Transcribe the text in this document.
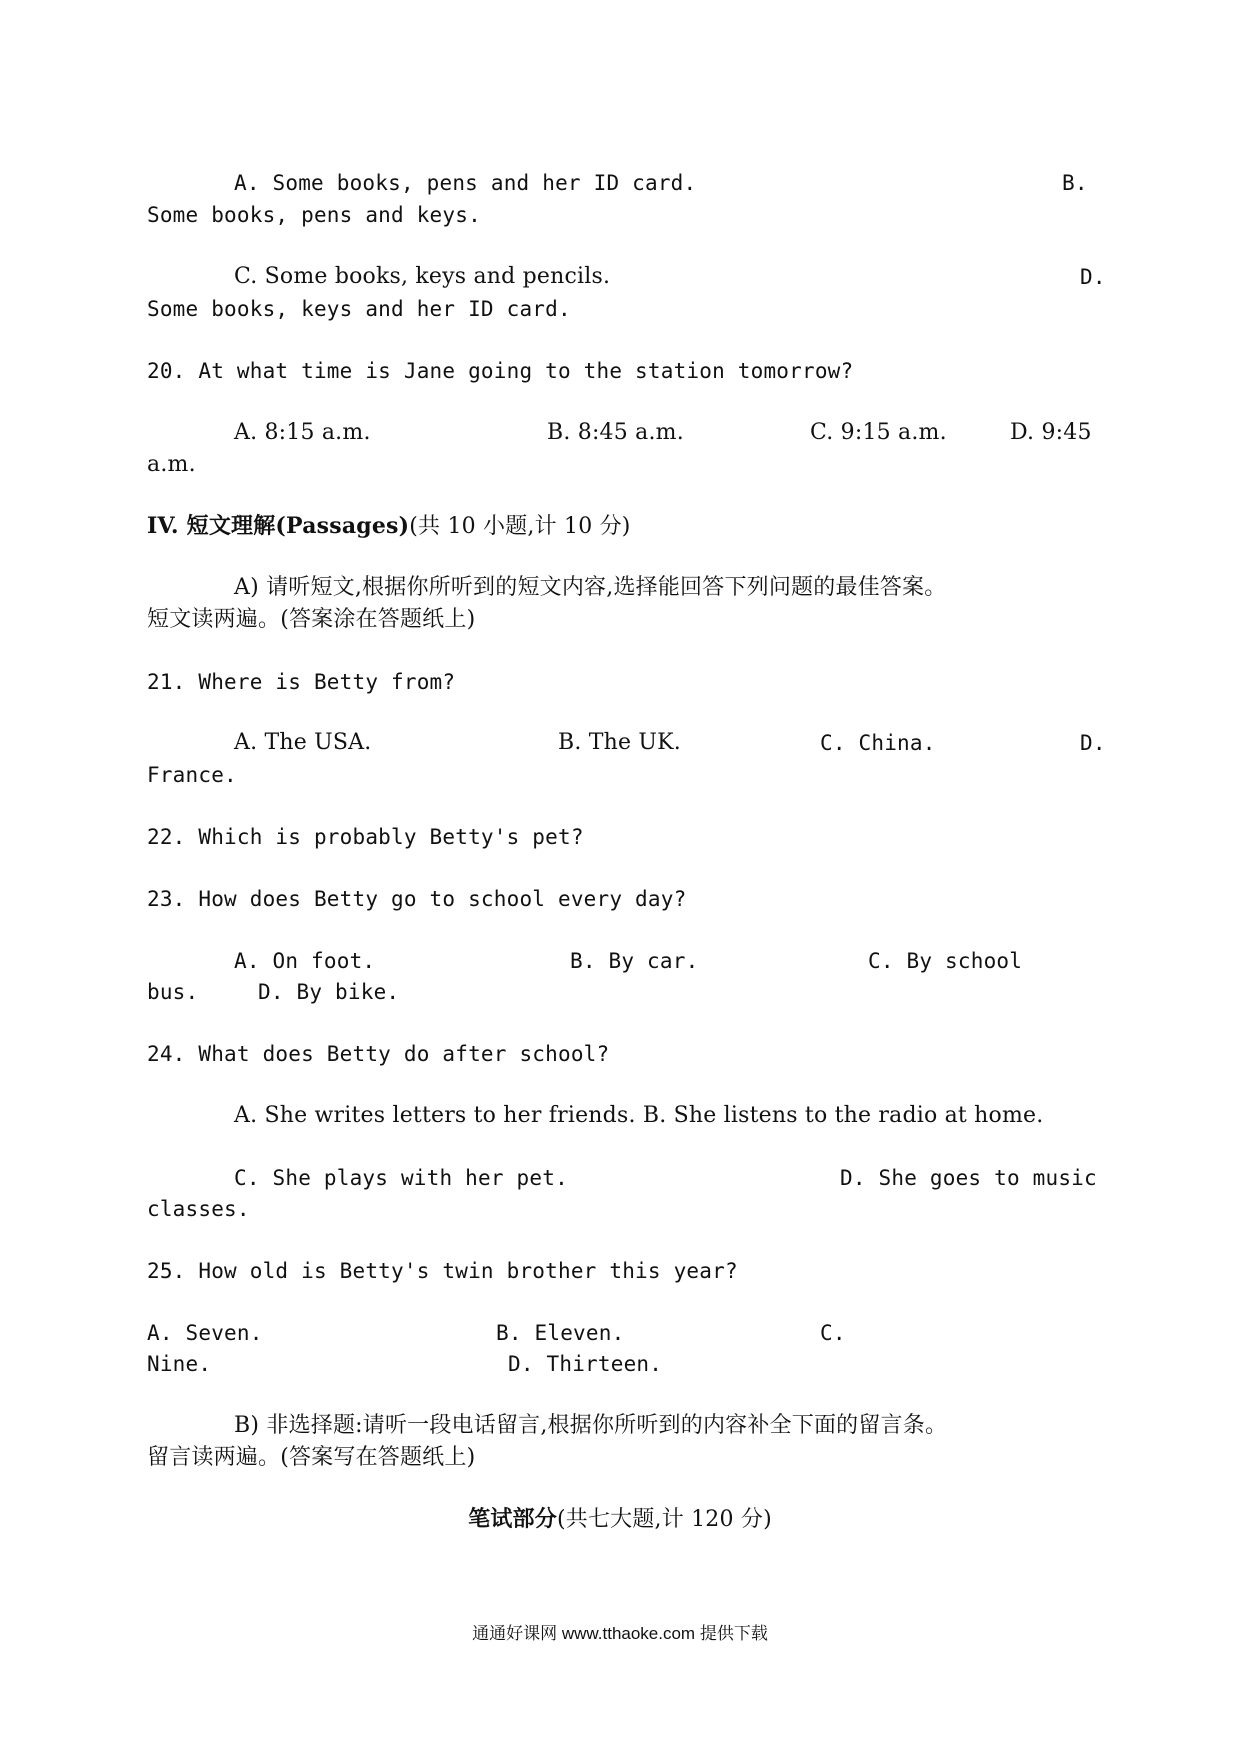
A. Some books, pens and her ID card.	B.
Some books, pens and keys.
C. Some books, keys and pencils.	D.
Some books, keys and her ID card.
20. At what time is Jane going to the station tomorrow?
A. 8:15 a.m.	B. 8:45 a.m.	C. 9:15 a.m.	D. 9:45
a.m.
IV. 短文理解(Passages)(共 10 小题,计 10 分)
A) 请听短文,根据你所听到的短文内容,选择能回答下列问题的最佳答案。
短文读两遍。(答案涂在答题纸上)
21. Where is Betty from?
A. The USA.	B. The UK.	C. China.	D.
France.
22. Which is probably Betty's pet?
23. How does Betty go to school every day?
A. On foot.	B. By car.	C. By school
bus.	D. By bike.
24. What does Betty do after school?
A. She writes letters to her friends. B. She listens to the radio at home.
C. She plays with her pet.	D. She goes to music
classes.
25. How old is Betty's twin brother this year?
A. Seven.	B. Eleven.	C.
Nine.	D. Thirteen.
B) 非选择题:请听一段电话留言,根据你所听到的内容补全下面的留言条。
留言读两遍。(答案写在答题纸上)
笔试部分(共七大题,计 120 分)
通通好课网 www.tthaoke.com 提供下载
